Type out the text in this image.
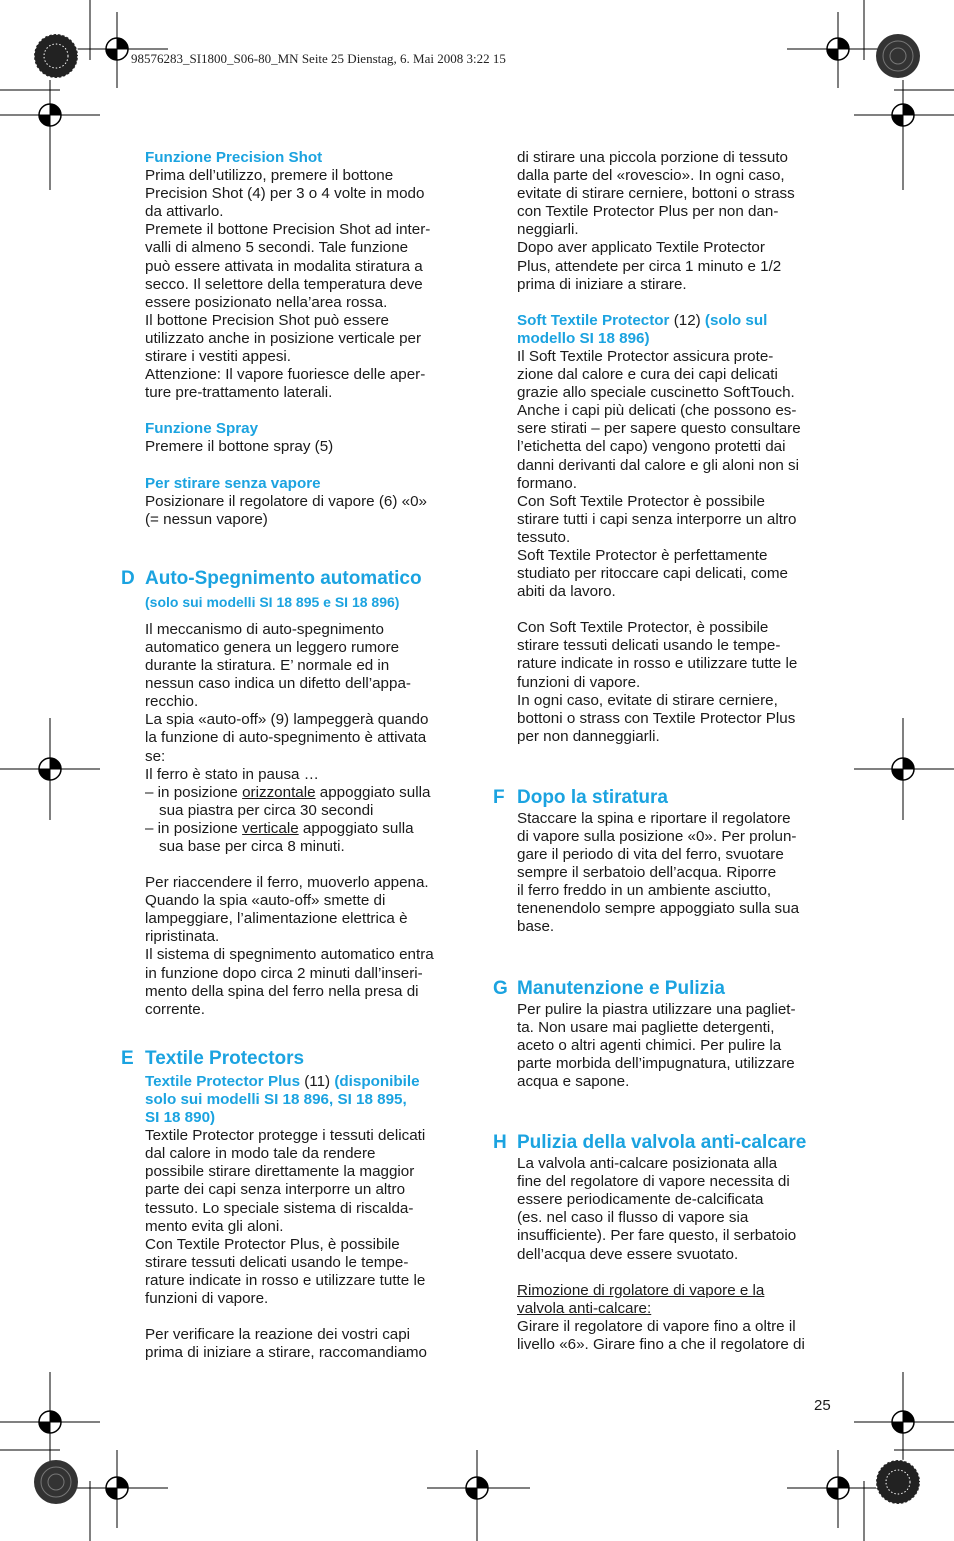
98576283_SI1800_S06-80_MN Seite 25 Dienstag, 6. Mai 2008 3:22 15

Funzione Precision Shot

Prima dell’utilizzo, premere il bottone

Precision Shot (4) per 3 o 4 volte in modo

da attivarlo.

Premete il bottone Precision Shot ad inter-

valli di almeno 5 secondi. Tale funzione

può essere attivata in modalita stiratura a

secco. Il selettore della temperatura deve

essere posizionato nella’area rossa.

Il bottone Precision Shot può essere

utilizzato anche in posizione verticale per

stirare i vestiti appesi.

Attenzione: Il vapore fuoriesce delle aper-

ture pre-trattamento laterali.

Funzione Spray

Premere il bottone spray (5)

Per stirare senza vapore

Posizionare il regolatore di vapore (6) «0»

(= nessun vapore)

D Auto-Spegnimento automatico

(solo sui modelli SI 18 895 e SI 18 896)

Il meccanismo di auto-spegnimento

automatico genera un leggero rumore

durante la stiratura. E’ normale ed in

nessun caso indica un difetto dell’appa-

recchio.

La spia «auto-off» (9) lampeggerà quando

la funzione di auto-spegnimento è attivata

se:

Il ferro è stato in pausa …

– in posizione orizzontale appoggiato sulla

sua piastra per circa 30 secondi

– in posizione verticale appoggiato sulla

sua base per circa 8 minuti.

Per riaccendere il ferro, muoverlo appena.

Quando la spia «auto-off» smette di

lampeggiare, l’alimentazione elettrica è

ripristinata.

Il sistema di spegnimento automatico entra

in funzione dopo circa 2 minuti dall’inseri-

mento della spina del ferro nella presa di

corrente.

E Textile Protectors

Textile Protector Plus (11) (disponibile

solo sui modelli SI 18 896, SI 18 895,

SI 18 890)

Textile Protector protegge i tessuti delicati

dal calore in modo tale da rendere

possibile stirare direttamente la maggior

parte dei capi senza interporre un altro

tessuto. Lo speciale sistema di riscalda-

mento evita gli aloni.

Con Textile Protector Plus, è possibile

stirare tessuti delicati usando le tempe-

rature indicate in rosso e utilizzare tutte le

funzioni di vapore.

Per verificare la reazione dei vostri capi

prima di iniziare a stirare, raccomandiamo

di stirare una piccola porzione di tessuto

dalla parte del «rovescio». In ogni caso,

evitate di stirare cerniere, bottoni o strass

con Textile Protector Plus per non dan-

neggiarli.

Dopo aver applicato Textile Protector

Plus, attendete per circa 1 minuto e 1/2

prima di iniziare a stirare.

Soft Textile Protector (12) (solo sul

modello SI 18 896)

Il Soft Textile Protector assicura prote-

zione dal calore e cura dei capi delicati

grazie allo speciale cuscinetto SoftTouch.

Anche i capi più delicati (che possono es-

sere stirati – per sapere questo consultare

l’etichetta del capo) vengono protetti dai

danni derivanti dal calore e gli aloni non si

formano.

Con Soft Textile Protector è possibile

stirare tutti i capi senza interporre un altro

tessuto.

Soft Textile Protector è perfettamente

studiato per ritoccare capi delicati, come

abiti da lavoro.

Con Soft Textile Protector, è possibile

stirare tessuti delicati usando le tempe-

rature indicate in rosso e utilizzare tutte le

funzioni di vapore.

In ogni caso, evitate di stirare cerniere,

bottoni o strass con Textile Protector Plus

per non danneggiarli.

F Dopo la stiratura

Staccare la spina e riportare il regolatore

di vapore sulla posizione «0». Per prolun-

gare il periodo di vita del ferro, svuotare

sempre il serbatoio dell’acqua. Riporre

il ferro freddo in un ambiente asciutto,

tenenendolo sempre appoggiato sulla sua

base.

G Manutenzione e Pulizia

Per pulire la piastra utilizzare una pagliet-

ta. Non usare mai pagliette detergenti,

aceto o altri agenti chimici. Per pulire la

parte morbida dell’impugnatura, utilizzare

acqua e sapone.

H Pulizia della valvola anti-calcare

La valvola anti-calcare posizionata alla

fine del regolatore di vapore necessita di

essere periodicamente de-calcificata

(es. nel caso il flusso di vapore sia

insufficiente). Per fare questo, il serbatoio

dell’acqua deve essere svuotato.

Rimozione di rgolatore di vapore e la

valvola anti-calcare:

Girare il regolatore di vapore fino a oltre il

livello «6». Girare fino a che il regolatore di

25
